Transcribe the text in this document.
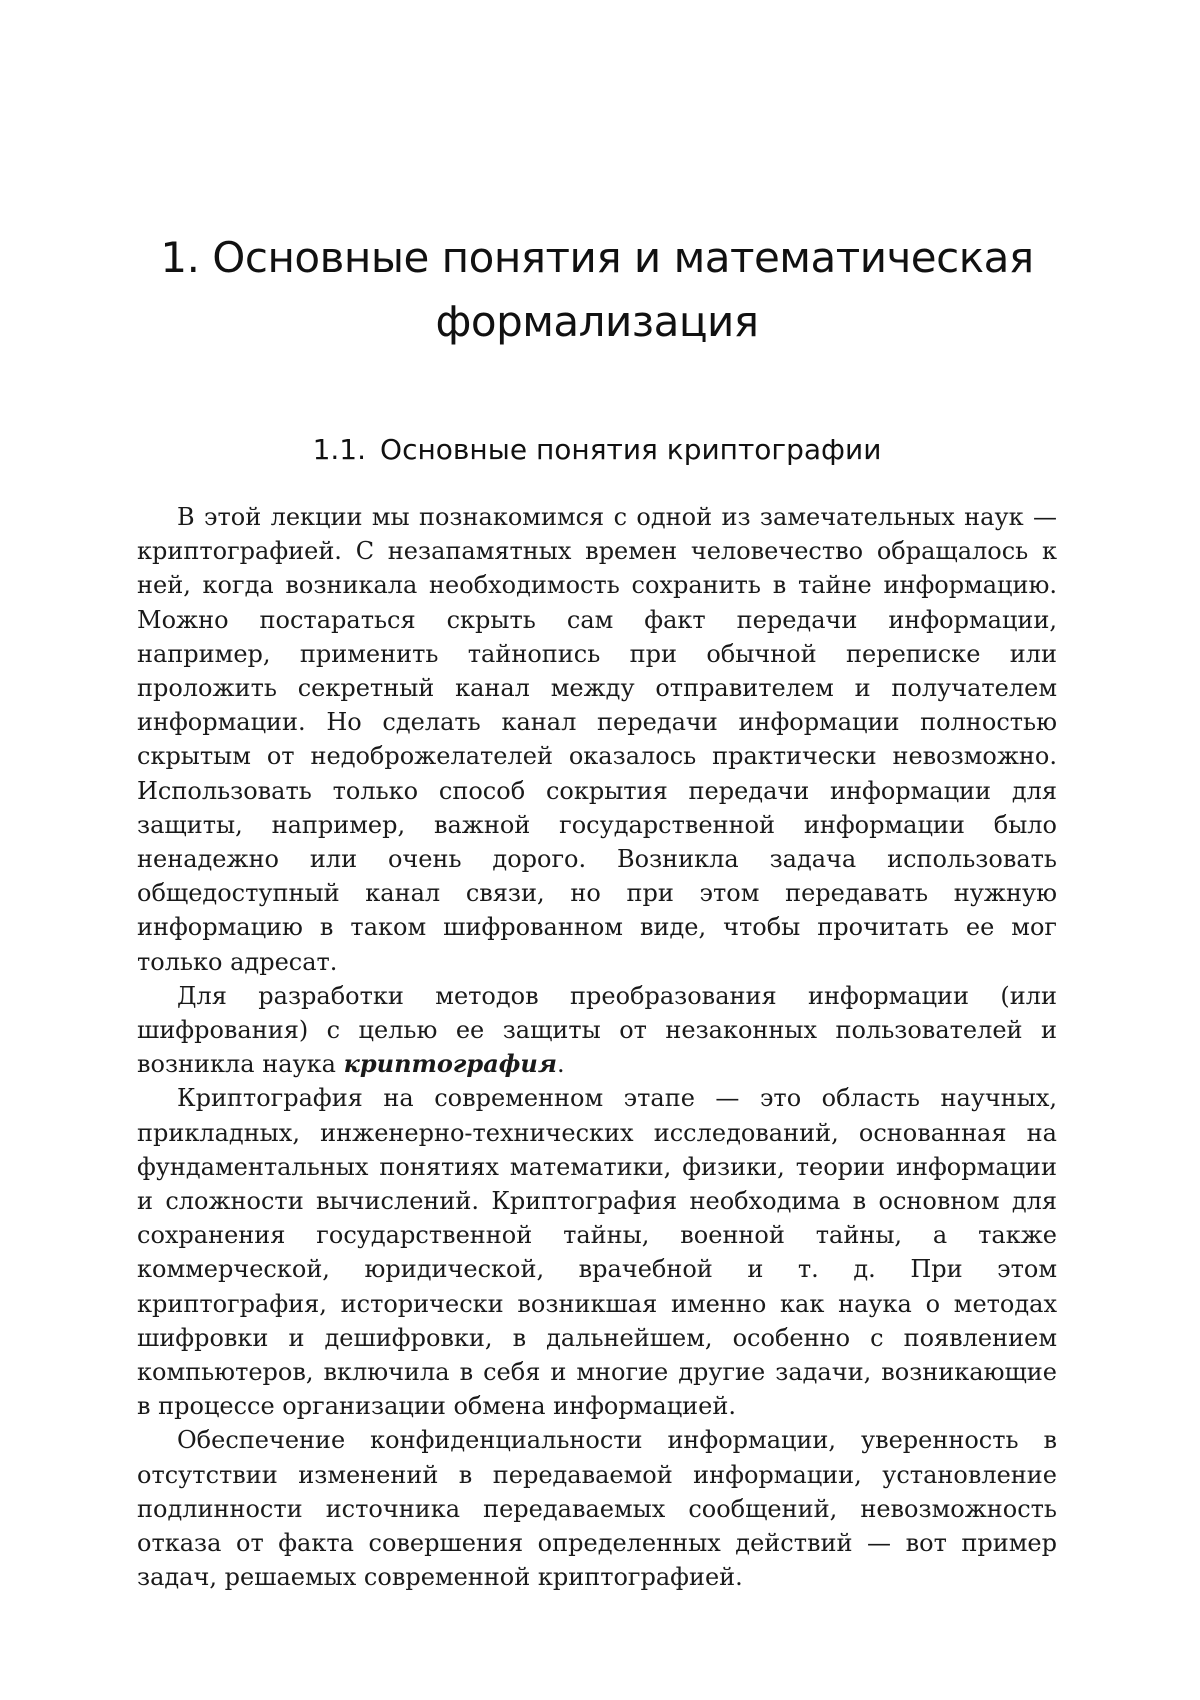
1. Основные понятия и математическая
формализация
1.1. Основные понятия криптографии

В этой лекции мы познакомимся с одной из замечательных наук — криптографией. С незапамятных времен человечество обращалось к ней, когда возникала необходимость сохранить в тайне информацию. Можно постараться скрыть сам факт передачи информации, например, применить тайнопись при обычной переписке или проложить секретный канал между отправителем и получателем информации. Но сделать канал передачи информации полностью скрытым от недоброжелателей оказалось практически невозможно. Использовать только способ сокрытия передачи информации для защиты, например, важной государственной информации было ненадежно или очень дорого. Возникла задача использовать общедоступный канал связи, но при этом передавать нужную информацию в таком шифрованном виде, чтобы прочитать ее мог только адресат.

Для разработки методов преобразования информации (или шифрования) с целью ее защиты от незаконных пользователей и возникла наука криптография.

Криптография на современном этапе — это область научных, прикладных, инженерно-технических исследований, основанная на фундаментальных понятиях математики, физики, теории информации и сложности вычислений. Криптография необходима в основном для сохранения государственной тайны, военной тайны, а также коммерческой, юридической, врачебной и т. д. При этом криптография, исторически возникшая именно как наука о методах шифровки и дешифровки, в дальнейшем, особенно с появлением компьютеров, включила в себя и многие другие задачи, возникающие в процессе организации обмена информацией.

Обеспечение конфиденциальности информации, уверенность в отсутствии изменений в передаваемой информации, установление подлинности источника передаваемых сообщений, невозможность отказа от факта совершения определенных действий — вот пример задач, решаемых современной криптографией.
